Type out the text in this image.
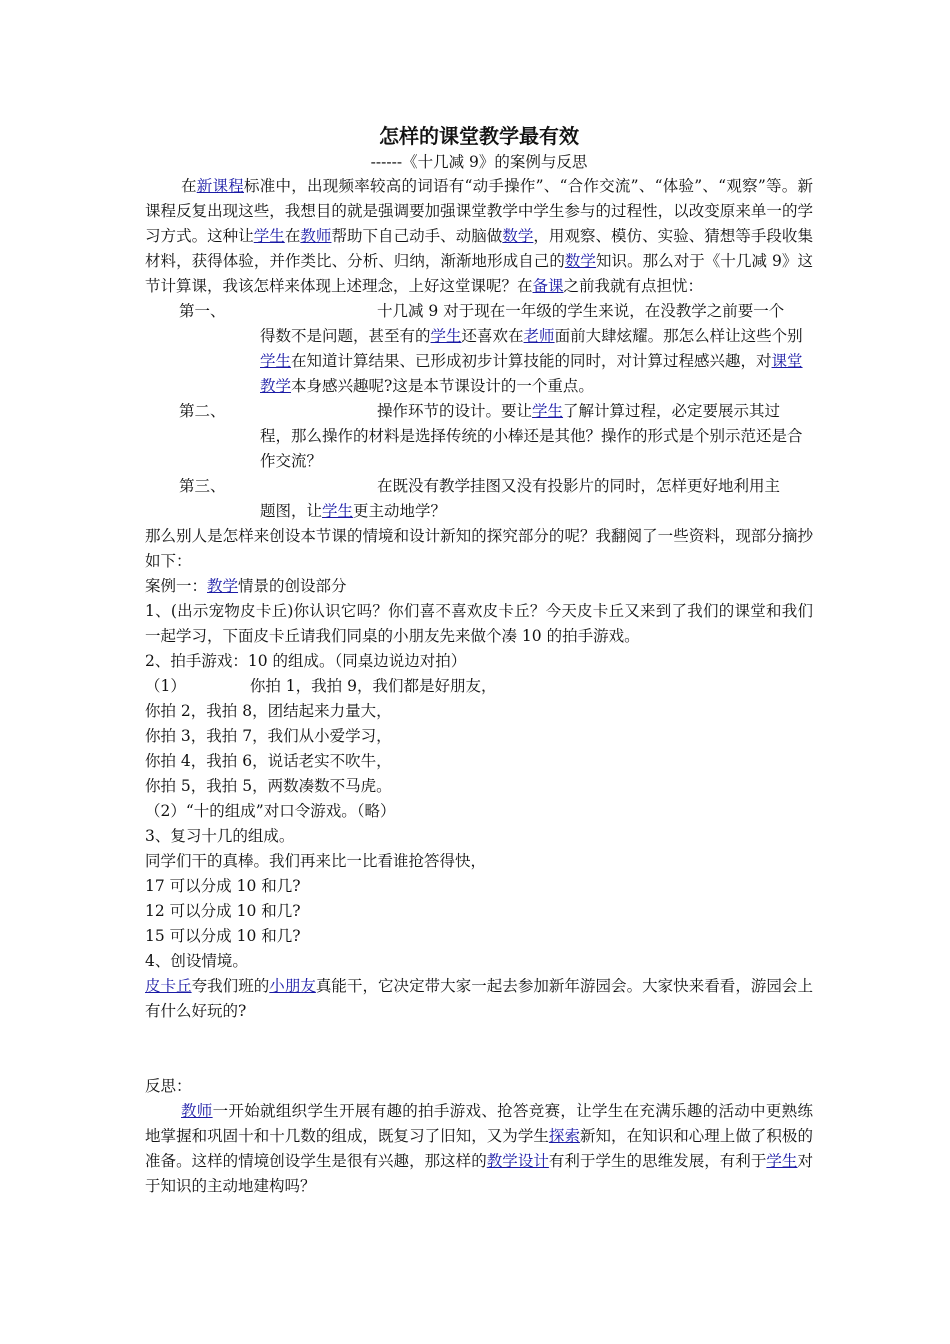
怎样的课堂教学最有效
------《十几减 9》的案例与反思

在新课程标准中，出现频率较高的词语有“动手操作”、“合作交流”、“体验”、“观察”等。新课程反复出现这些，我想目的就是强调要加强课堂教学中学生参与的过程性，以改变原来单一的学习方式。这种让学生在教师帮助下自己动手、动脑做数学，用观察、模仿、实验、猜想等手段收集材料，获得体验，并作类比、分析、归纳，渐渐地形成自己的数学知识。那么对于《十几减 9》这节计算课，我该怎样来体现上述理念，上好这堂课呢？在备课之前我就有点担忧：

第一、	十几减 9 对于现在一年级的学生来说，在没教学之前要一个
得数不是问题，甚至有的学生还喜欢在老师面前大肆炫耀。那怎么样让这些个别学生在知道计算结果、已形成初步计算技能的同时，对计算过程感兴趣，对课堂教学本身感兴趣呢?这是本节课设计的一个重点。
第二、	操作环节的设计。要让学生了解计算过程，必定要展示其过
程，那么操作的材料是选择传统的小棒还是其他？操作的形式是个别示范还是合作交流？
第三、	在既没有教学挂图又没有投影片的同时，怎样更好地利用主
题图，让学生更主动地学？

那么别人是怎样来创设本节课的情境和设计新知的探究部分的呢？我翻阅了一些资料，现部分摘抄如下：

案例一：教学情景的创设部分

1、(出示宠物皮卡丘)你认识它吗？你们喜不喜欢皮卡丘？今天皮卡丘又来到了我们的课堂和我们一起学习，下面皮卡丘请我们同桌的小朋友先来做个凑 10 的拍手游戏。

2、拍手游戏：10 的组成。（同桌边说边对拍）

（1）	你拍 1，我拍 9，我们都是好朋友，

你拍 2，我拍 8，团结起来力量大，

你拍 3，我拍 7，我们从小爱学习，

你拍 4，我拍 6，说话老实不吹牛，

你拍 5，我拍 5，两数凑数不马虎。

（2）“十的组成”对口令游戏。（略）

3、复习十几的组成。

同学们干的真棒。我们再来比一比看谁抢答得快，

17 可以分成 10 和几?

12 可以分成 10 和几?

15 可以分成 10 和几?

4、创设情境。

皮卡丘夸我们班的小朋友真能干，它决定带大家一起去参加新年游园会。大家快来看看，游园会上有什么好玩的?

反思：

教师一开始就组织学生开展有趣的拍手游戏、抢答竞赛，让学生在充满乐趣的活动中更熟练地掌握和巩固十和十几数的组成，既复习了旧知，又为学生探索新知，在知识和心理上做了积极的准备。这样的情境创设学生是很有兴趣，那这样的教学设计有利于学生的思维发展，有利于学生对于知识的主动地建构吗？
